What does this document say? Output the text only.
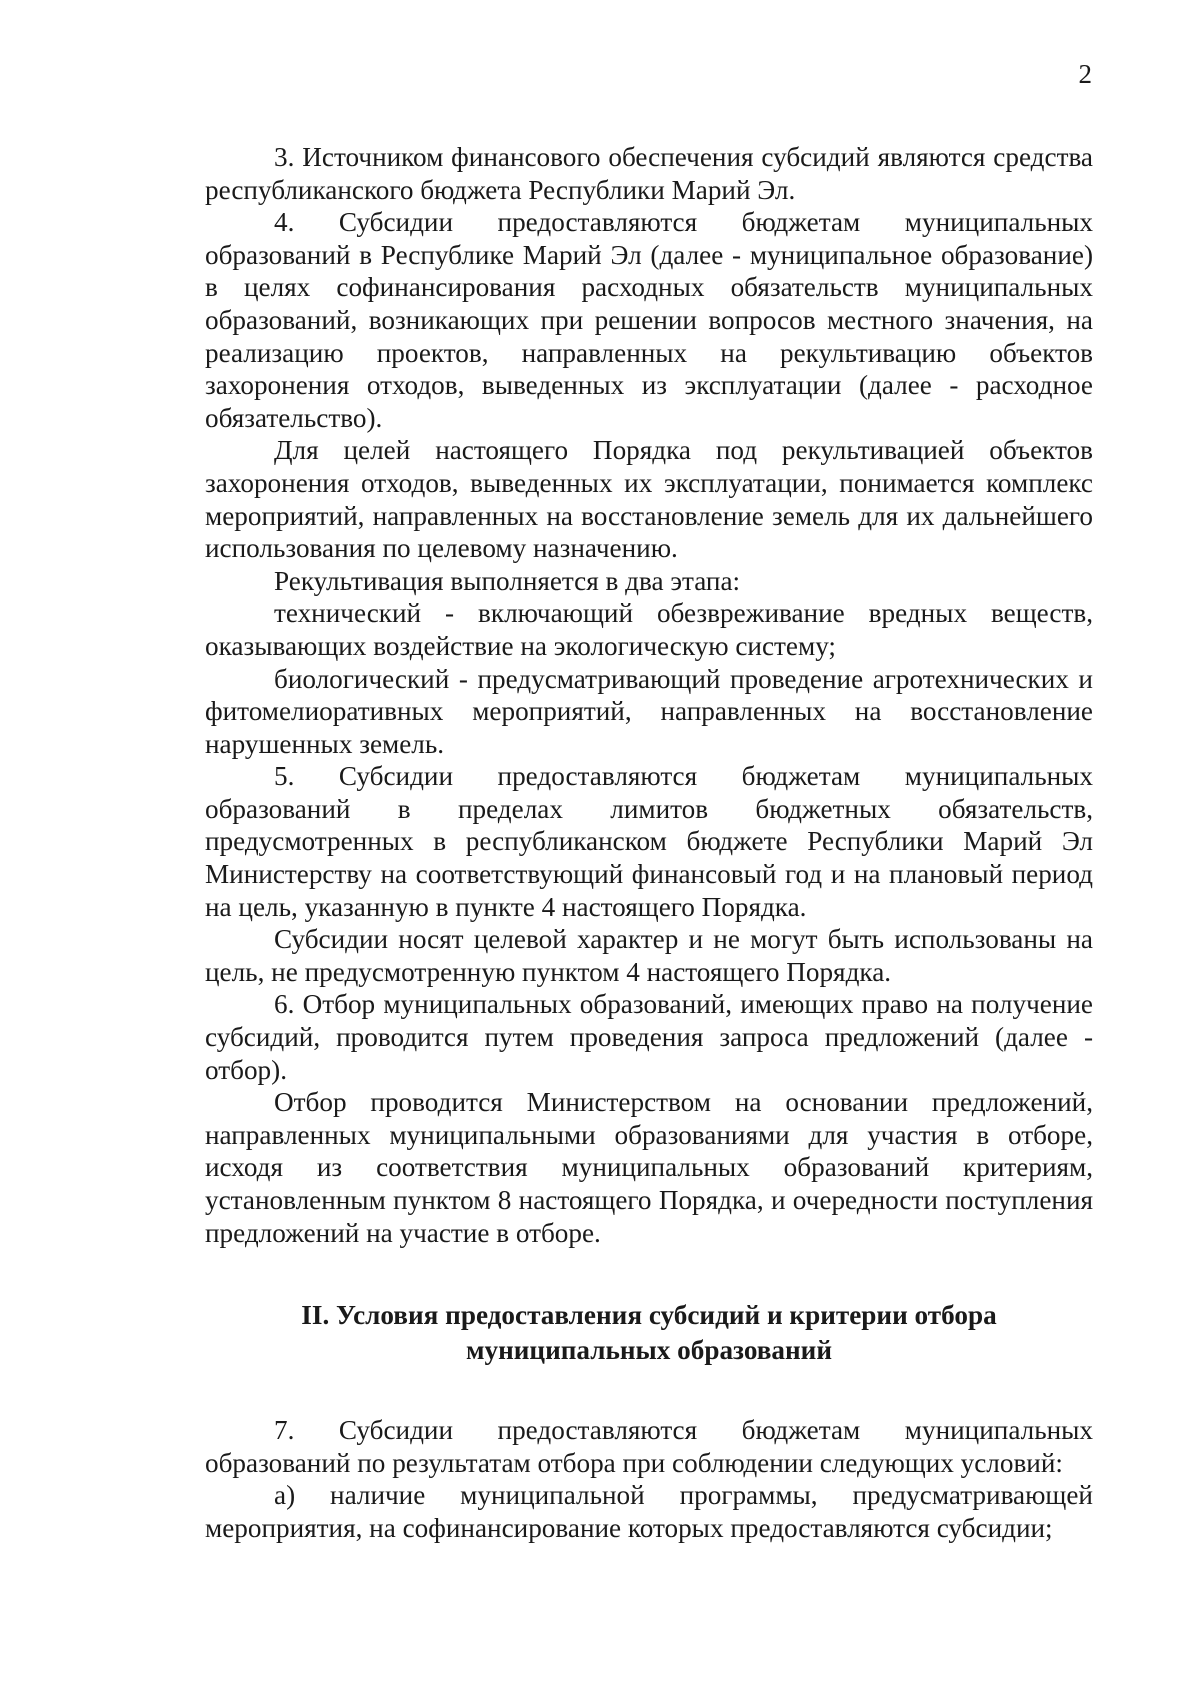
2

3. Источником финансового обеспечения субсидий являются средства республиканского бюджета Республики Марий Эл.

4. Субсидии предоставляются бюджетам муниципальных образований в Республике Марий Эл (далее - муниципальное образование) в целях софинансирования расходных обязательств муниципальных образований, возникающих при решении вопросов местного значения, на реализацию проектов, направленных на рекультивацию объектов захоронения отходов, выведенных из эксплуатации (далее - расходное обязательство).

Для целей настоящего Порядка под рекультивацией объектов захоронения отходов, выведенных их эксплуатации, понимается комплекс мероприятий, направленных на восстановление земель для их дальнейшего использования по целевому назначению.

Рекультивация выполняется в два этапа:

технический - включающий обезвреживание вредных веществ, оказывающих воздействие на экологическую систему;

биологический - предусматривающий проведение агротехнических и фитомелиоративных мероприятий, направленных на восстановление нарушенных земель.

5. Субсидии предоставляются бюджетам муниципальных образований в пределах лимитов бюджетных обязательств, предусмотренных в республиканском бюджете Республики Марий Эл Министерству на соответствующий финансовый год и на плановый период на цель, указанную в пункте 4 настоящего Порядка.

Субсидии носят целевой характер и не могут быть использованы на цель, не предусмотренную пунктом 4 настоящего Порядка.

6. Отбор муниципальных образований, имеющих право на получение субсидий, проводится путем проведения запроса предложений (далее - отбор).

Отбор проводится Министерством на основании предложений, направленных муниципальными образованиями для участия в отборе, исходя из соответствия муниципальных образований критериям, установленным пунктом 8 настоящего Порядка, и очередности поступления предложений на участие в отборе.

II. Условия предоставления субсидий и критерии отбора муниципальных образований

7. Субсидии предоставляются бюджетам муниципальных образований по результатам отбора при соблюдении следующих условий:

а) наличие муниципальной программы, предусматривающей мероприятия, на софинансирование которых предоставляются субсидии;
